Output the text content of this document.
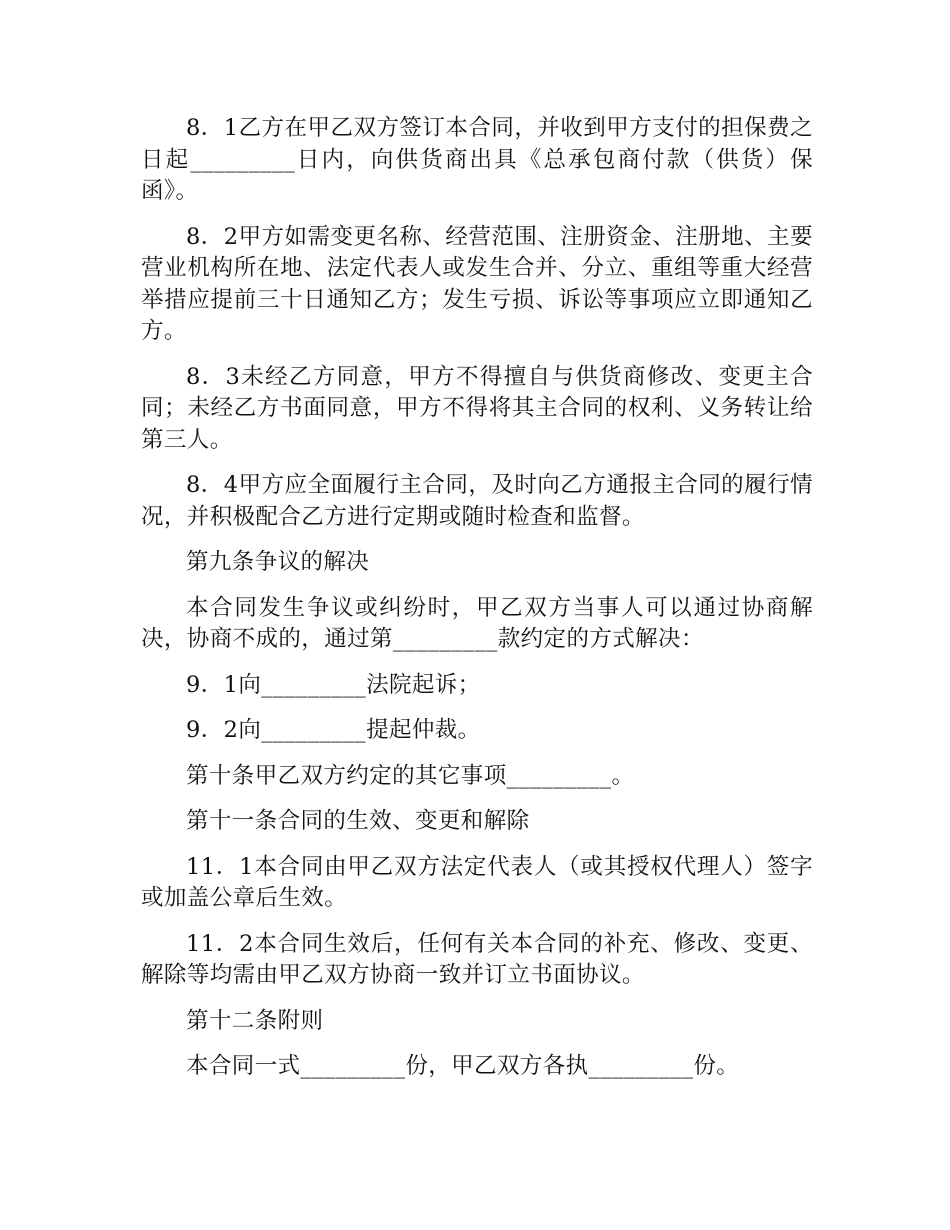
8．1乙方在甲乙双方签订本合同，并收到甲方支付的担保费之日起_________日内，向供货商出具《总承包商付款（供货）保函》。

8．2甲方如需变更名称、经营范围、注册资金、注册地、主要营业机构所在地、法定代表人或发生合并、分立、重组等重大经营举措应提前三十日通知乙方；发生亏损、诉讼等事项应立即通知乙方。

8．3未经乙方同意，甲方不得擅自与供货商修改、变更主合同；未经乙方书面同意，甲方不得将其主合同的权利、义务转让给第三人。

8．4甲方应全面履行主合同，及时向乙方通报主合同的履行情况，并积极配合乙方进行定期或随时检查和监督。

第九条争议的解决

本合同发生争议或纠纷时，甲乙双方当事人可以通过协商解决，协商不成的，通过第_________款约定的方式解决：

9．1向_________法院起诉；

9．2向_________提起仲裁。

第十条甲乙双方约定的其它事项_________。

第十一条合同的生效、变更和解除

11．1本合同由甲乙双方法定代表人（或其授权代理人）签字或加盖公章后生效。

11．2本合同生效后，任何有关本合同的补充、修改、变更、解除等均需由甲乙双方协商一致并订立书面协议。

第十二条附则

本合同一式_________份，甲乙双方各执_________份。
